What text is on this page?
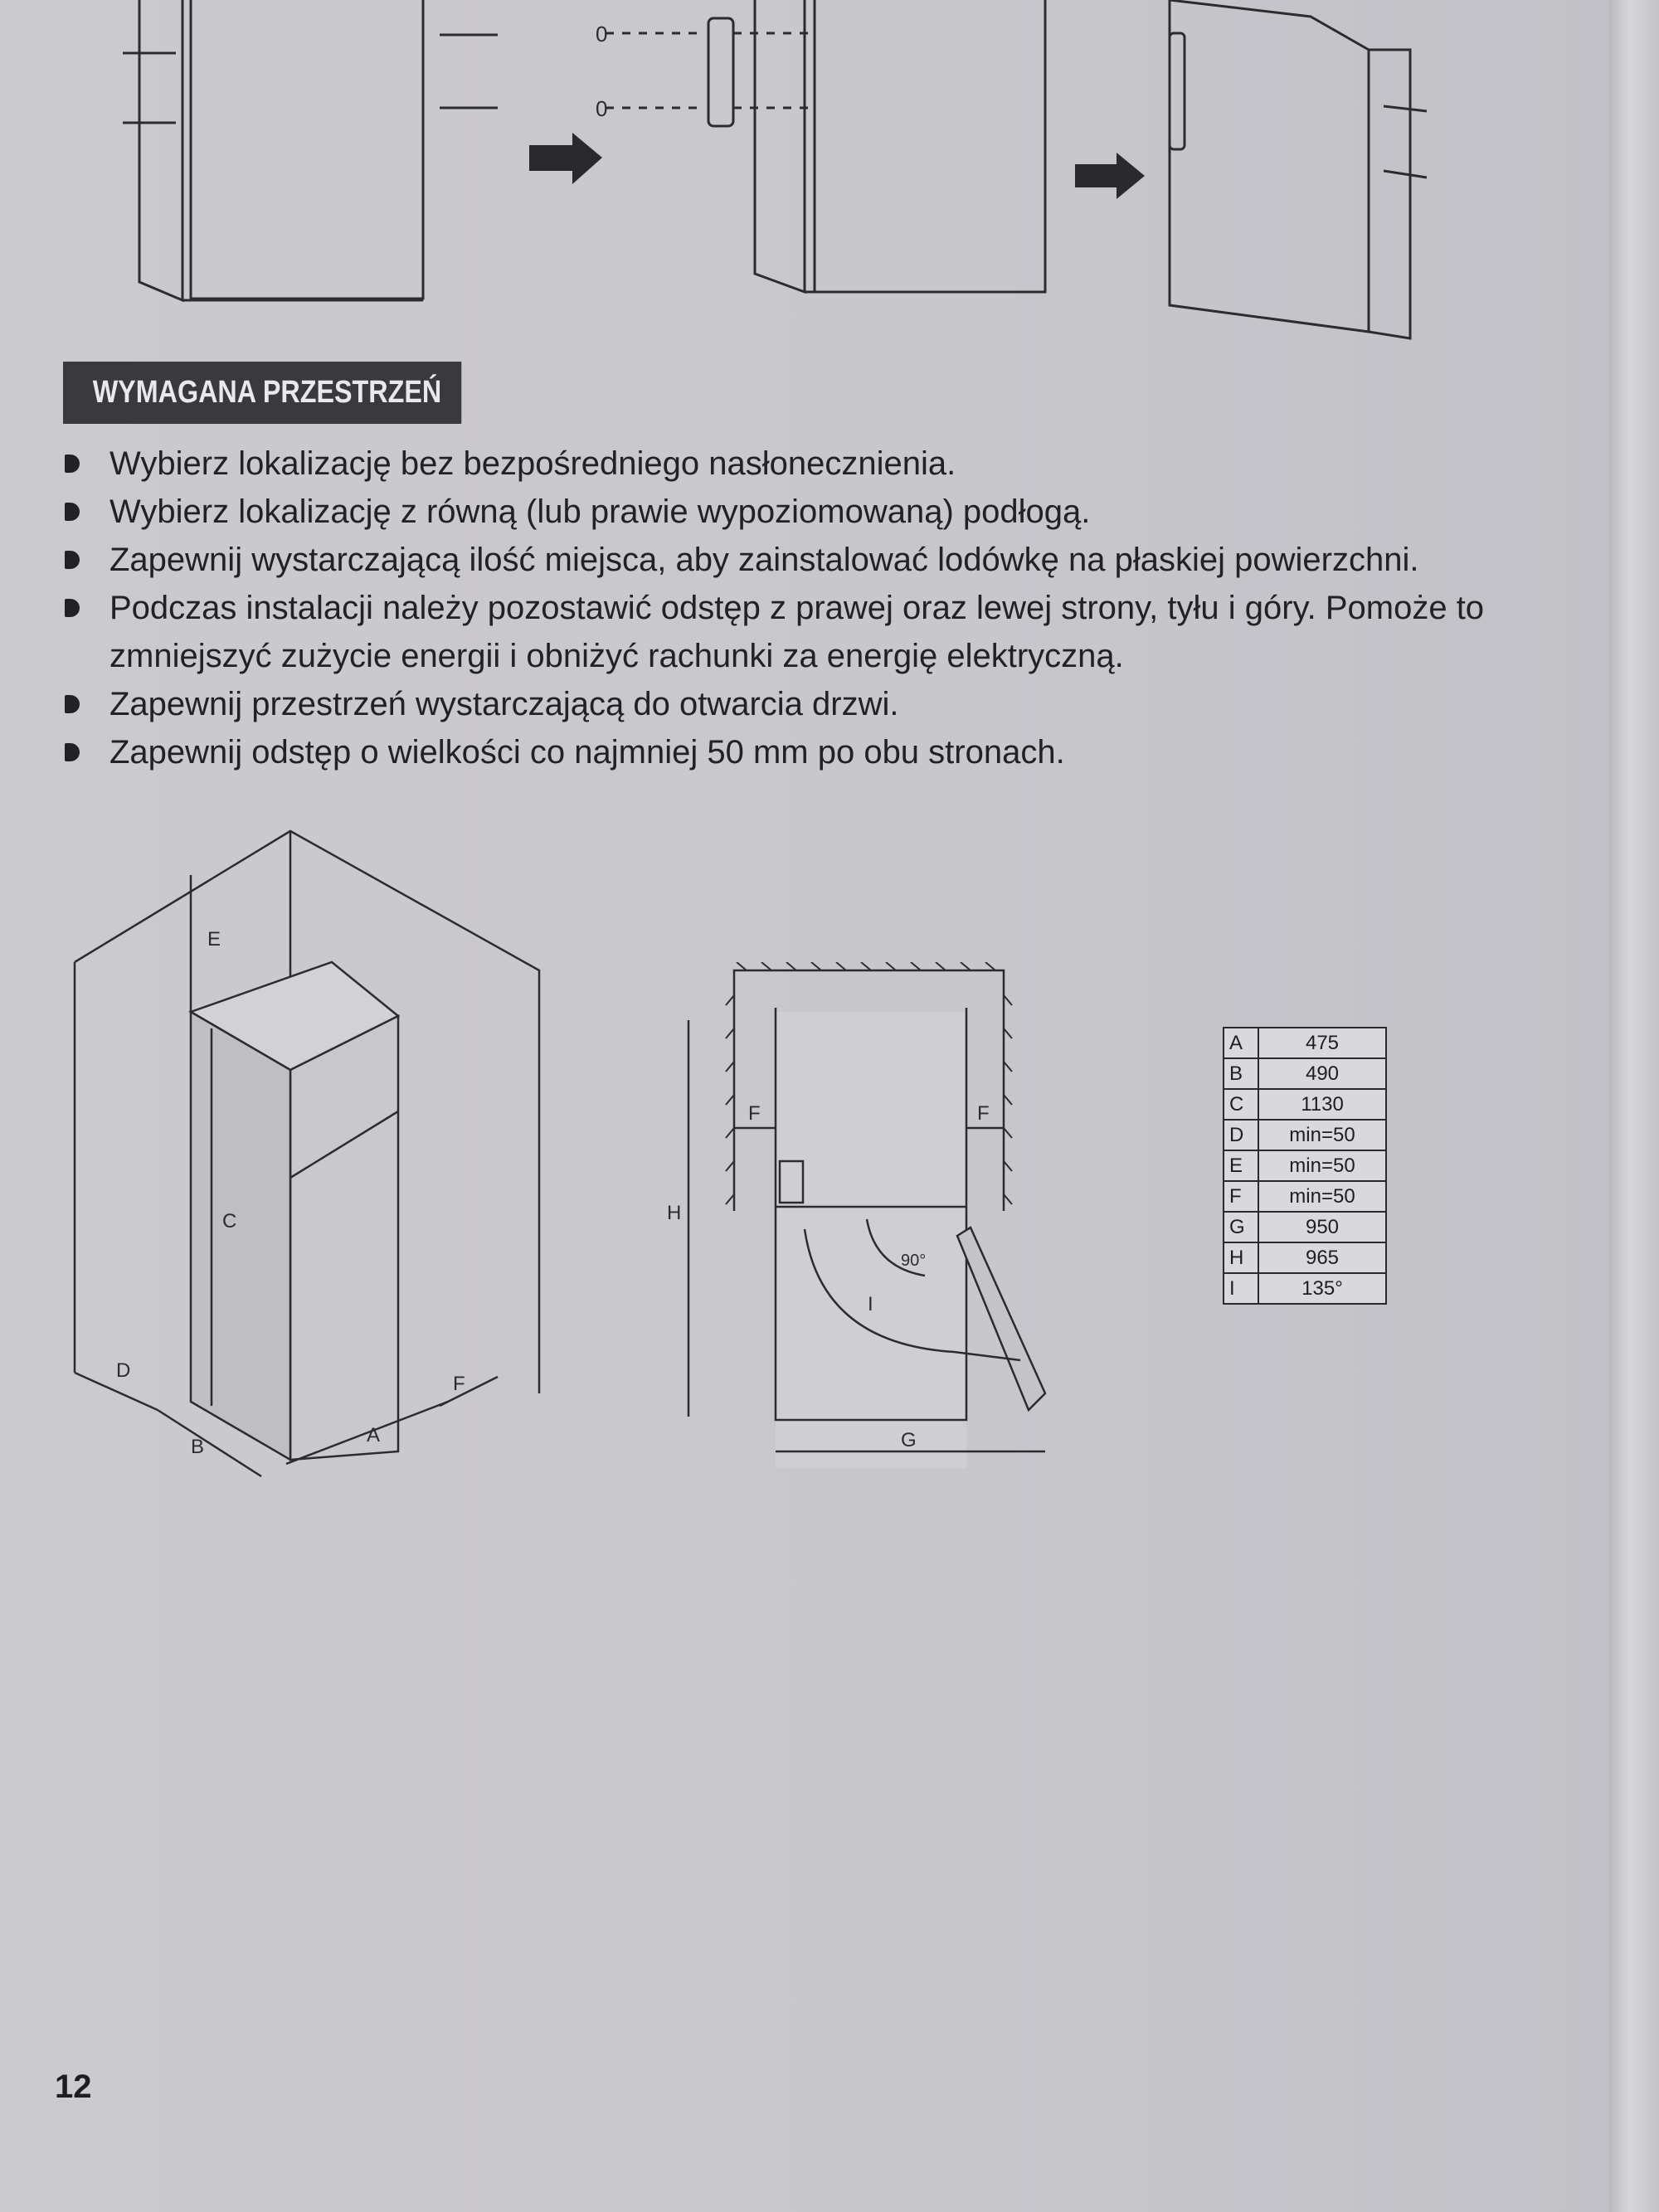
0
0
WYMAGANA PRZESTRZEŃ
Wybierz lokalizację bez bezpośredniego nasłonecznienia.
Wybierz lokalizację z równą (lub prawie wypoziomowaną) podłogą.
Zapewnij wystarczającą ilość miejsca, aby zainstalować lodówkę na płaskiej powierzchni.
Podczas instalacji należy pozostawić odstęp z prawej oraz lewej strony, tyłu i góry. Pomoże to zmniejszyć zużycie energii i obniżyć rachunki za energię elektryczną.
Zapewnij przestrzeń wystarczającą do otwarcia drzwi.
Zapewnij odstęp o wielkości co najmniej 50 mm po obu stronach.
E
C
D
B
A
F
F	F
H
G
I
90°
A	475
B	490
C	1130
D	min=50
E	min=50
F	min=50
G	950
H	965
I	135°
12
